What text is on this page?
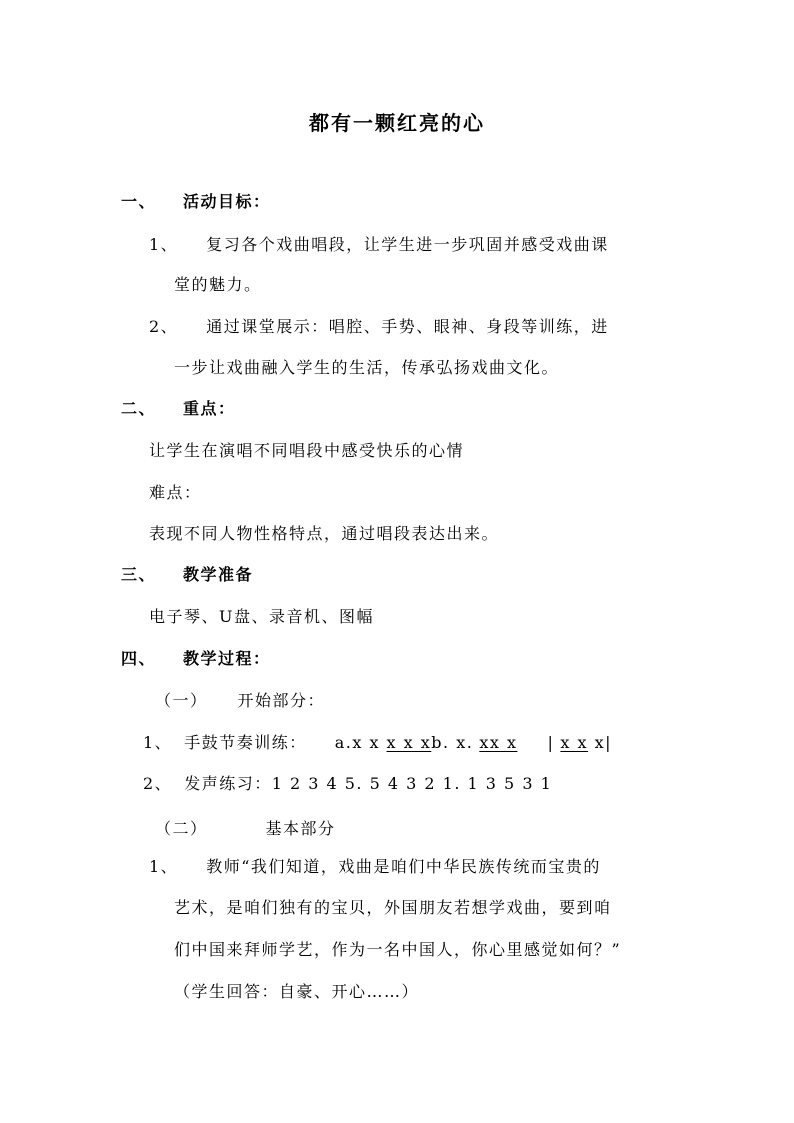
都有一颗红亮的心
一、 活动目标：
1、 复习各个戏曲唱段，让学生进一步巩固并感受戏曲课
堂的魅力。
2、 通过课堂展示：唱腔、手势、眼神、身段等训练，进
一步让戏曲融入学生的生活，传承弘扬戏曲文化。
二、 重点：
让学生在演唱不同唱段中感受快乐的心情
难点：
表现不同人物性格特点，通过唱段表达出来。
三、 教学准备
电子琴、U盘、录音机、图幅
四、 教学过程：
（一） 开始部分：
1、 手鼓节奏训练： a.x x x x xb. x. xx x | x x x|
2、 发声练习：1 2 3 4 5. 5 4 3 2 1. 1 3 5 3 1
（二）	基本部分
1、 教师“我们知道，戏曲是咱们中华民族传统而宝贵的
艺术，是咱们独有的宝贝，外国朋友若想学戏曲，要到咱
们中国来拜师学艺，作为一名中国人，你心里感觉如何？”
（学生回答：自豪、开心……）
